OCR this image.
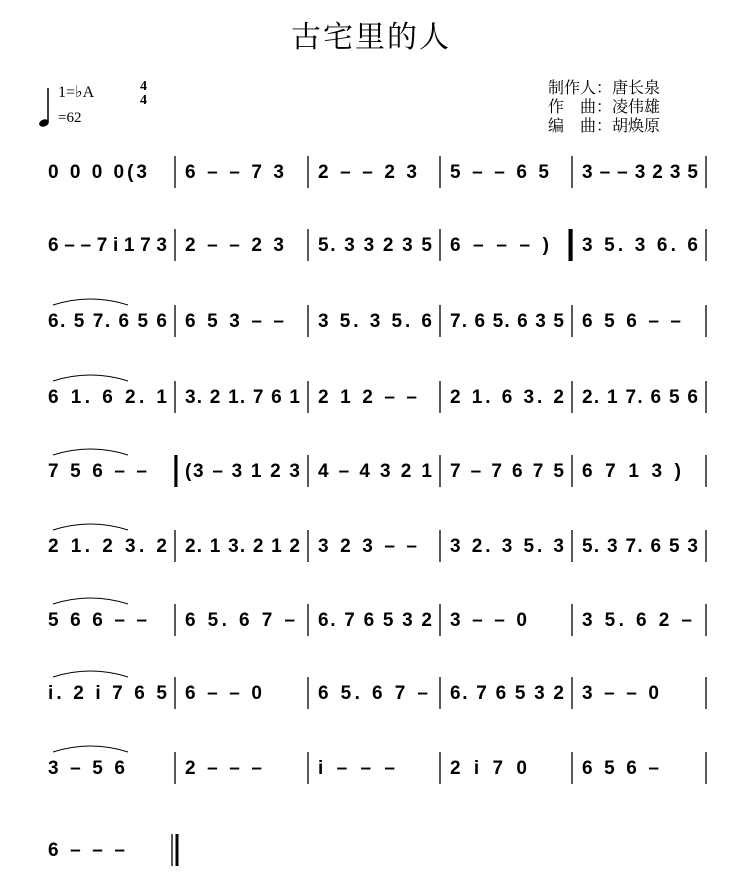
古宅里的人
1=♭A	4
4
=62
制作人：唐长泉
作　曲：凌伟雄
编　曲：胡焕原
0 0 0 0(3 6 – – 7 3 2 – – 2 3 5 – – 6 5 3 – – 3 2 3 5
6 – – 7 i 1 7 3 2 – – 2 3 5. 3 3 2 3 5 6 – – – ) 3 5. 3 6. 6
6. 5 7. 6 5 6 6 5 3 – – 3 5. 3 5. 6 7. 6 5. 6 3 5 6 5 6 – –
6 1. 6 2. 1 3. 2 1. 7 6 1 2 1 2 – – 2 1. 6 3. 2 2. 1 7. 6 5 6
7 5 6 – – (3 – 3 1 2 3 4 – 4 3 2 1 7 – 7 6 7 5 6 7 1 3 )
2 1. 2 3. 2 2. 1 3. 2 1 2 3 2 3 – – 3 2. 3 5. 3 5. 3 7. 6 5 3
5 6 6 – – 6 5. 6 7 – 6. 7 6 5 3 2 3 – – 0	3 5. 6 2 –
i. 2 i 7 6 5 6 – – 0	6 5. 6 7 – 6. 7 6 5 3 2 3 – – 0
3 – 5 6	2 – – –	i – – –	2 i 7 0	6 5 6 –
6 – – –
